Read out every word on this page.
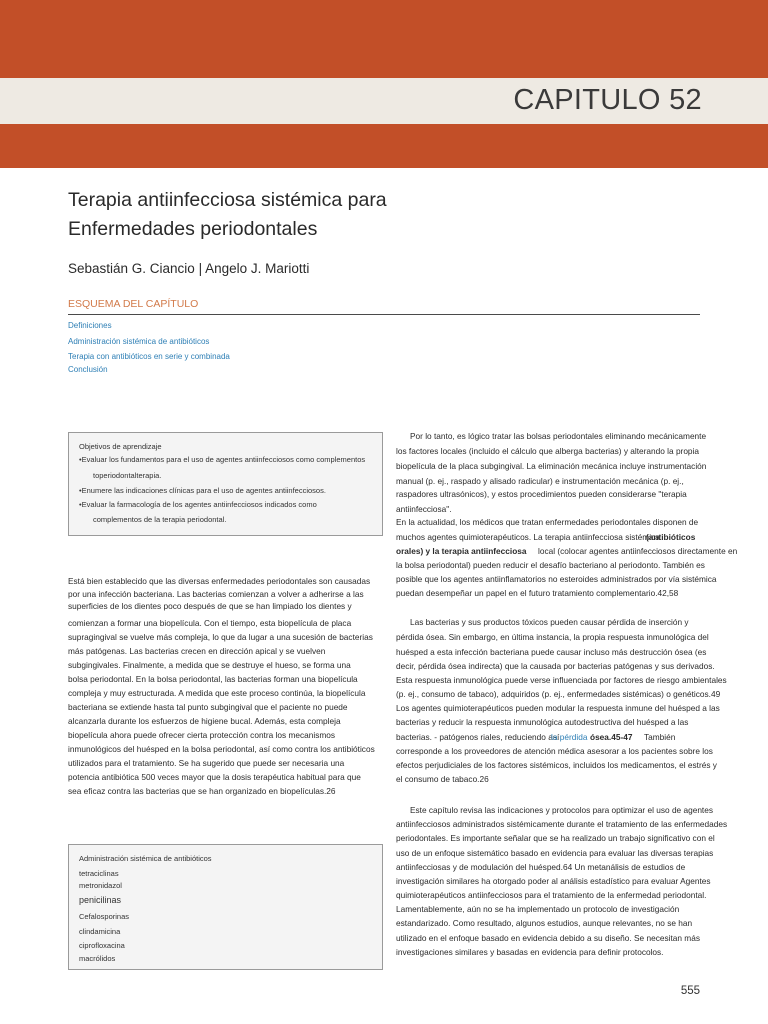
CAPITULO 52
Terapia antiinfecciosa sistémica para
Enfermedades periodontales
Sebastián G. Ciancio | Angelo J. Mariotti
ESQUEMA DEL CAPÍTULO
Definiciones
Administración sistémica de antibióticos
Terapia con antibióticos en serie y combinada
Conclusión
Objetivos de aprendizaje
•Evaluar los fundamentos para el uso de agentes antiinfecciosos como complementos
toperiodontalterapia.
•Enumere las indicaciones clínicas para el uso de agentes antiinfecciosos.
•Evaluar la farmacología de los agentes antiinfecciosos indicados como
complementos de la terapia periodontal.
Está bien establecido que las diversas enfermedades periodontales son causadas
por una infección bacteriana. Las bacterias comienzan a volver a adherirse a las
superficies de los dientes poco después de que se han limpiado los dientes y
comienzan a formar una biopelícula. Con el tiempo, esta biopelícula de placa
supragingival se vuelve más compleja, lo que da lugar a una sucesión de bacterias
más patógenas. Las bacterias crecen en dirección apical y se vuelven
subgingivales. Finalmente, a medida que se destruye el hueso, se forma una
bolsa periodontal. En la bolsa periodontal, las bacterias forman una biopelícula
compleja y muy estructurada. A medida que este proceso continúa, la biopelícula
bacteriana se extiende hasta tal punto subgingival que el paciente no puede
alcanzarla durante los esfuerzos de higiene bucal. Además, esta compleja
biopelícula ahora puede ofrecer cierta protección contra los mecanismos
inmunológicos del huésped en la bolsa periodontal, así como contra los antibióticos
utilizados para el tratamiento. Se ha sugerido que puede ser necesaria una
potencia antibiótica 500 veces mayor que la dosis terapéutica habitual para que
sea eficaz contra las bacterias que se han organizado en biopelículas.26
Administración sistémica de antibióticos
tetraciclinas
metronidazol
penicilinas
Cefalosporinas
clindamicina
ciprofloxacina
macrólidos
Por lo tanto, es lógico tratar las bolsas periodontales eliminando mecánicamente
los factores locales (incluido el cálculo que alberga bacterias) y alterando la propia
biopelícula de la placa subgingival. La eliminación mecánica incluye instrumentación
manual (p. ej., raspado y alisado radicular) e instrumentación mecánica (p. ej.,
raspadores ultrasónicos), y estos procedimientos pueden considerarse "terapia
antiinfecciosa".
En la actualidad, los médicos que tratan enfermedades periodontales disponen de
muchos agentes quimioterapéuticos. La terapia antiinfecciosa sistémica
(antibióticos
orales) y la terapia antiinfecciosa local (colocar agentes antiinfecciosos directamente en
la bolsa periodontal) pueden reducir el desafío bacteriano al periodonto. También es
posible que los agentes antiinflamatorios no esteroides administrados por vía sistémica
puedan desempeñar un papel en el futuro tratamiento complementario.42,58
Las bacterias y sus productos tóxicos pueden causar pérdida de inserción y
pérdida ósea. Sin embargo, en última instancia, la propia respuesta inmunológica del
huésped a esta infección bacteriana puede causar incluso más destrucción ósea (es
decir, pérdida ósea indirecta) que la causada por bacterias patógenas y sus derivados.
Esta respuesta inmunológica puede verse influenciada por factores de riesgo ambientales
(p. ej., consumo de tabaco), adquiridos (p. ej., enfermedades sistémicas) o genéticos.49
Los agentes quimioterapéuticos pueden modular la respuesta inmune del huésped a las
bacterias y reducir la respuesta inmunológica autodestructiva del huésped a las
bacterias. - patógenos riales, reduciendo así
la pérdida ósea.45-47 También
corresponde a los proveedores de atención médica asesorar a los pacientes sobre los
efectos perjudiciales de los factores sistémicos, incluidos los medicamentos, el estrés y
el consumo de tabaco.26
Este capítulo revisa las indicaciones y protocolos para optimizar el uso de agentes
antiinfecciosos administrados sistémicamente durante el tratamiento de las enfermedades
periodontales. Es importante señalar que se ha realizado un trabajo significativo con el
uso de un enfoque sistemático basado en evidencia para evaluar las diversas terapias
antiinfecciosas y de modulación del huésped.64 Un metanálisis de estudios de
investigación similares ha otorgado poder al análisis estadístico para evaluar Agentes
quimioterapéuticos antiinfecciosos para el tratamiento de la enfermedad periodontal.
Lamentablemente, aún no se ha implementado un protocolo de investigación
estandarizado. Como resultado, algunos estudios, aunque relevantes, no se han
utilizado en el enfoque basado en evidencia debido a su diseño. Se necesitan más
investigaciones similares y basadas en evidencia para definir protocolos.
555
